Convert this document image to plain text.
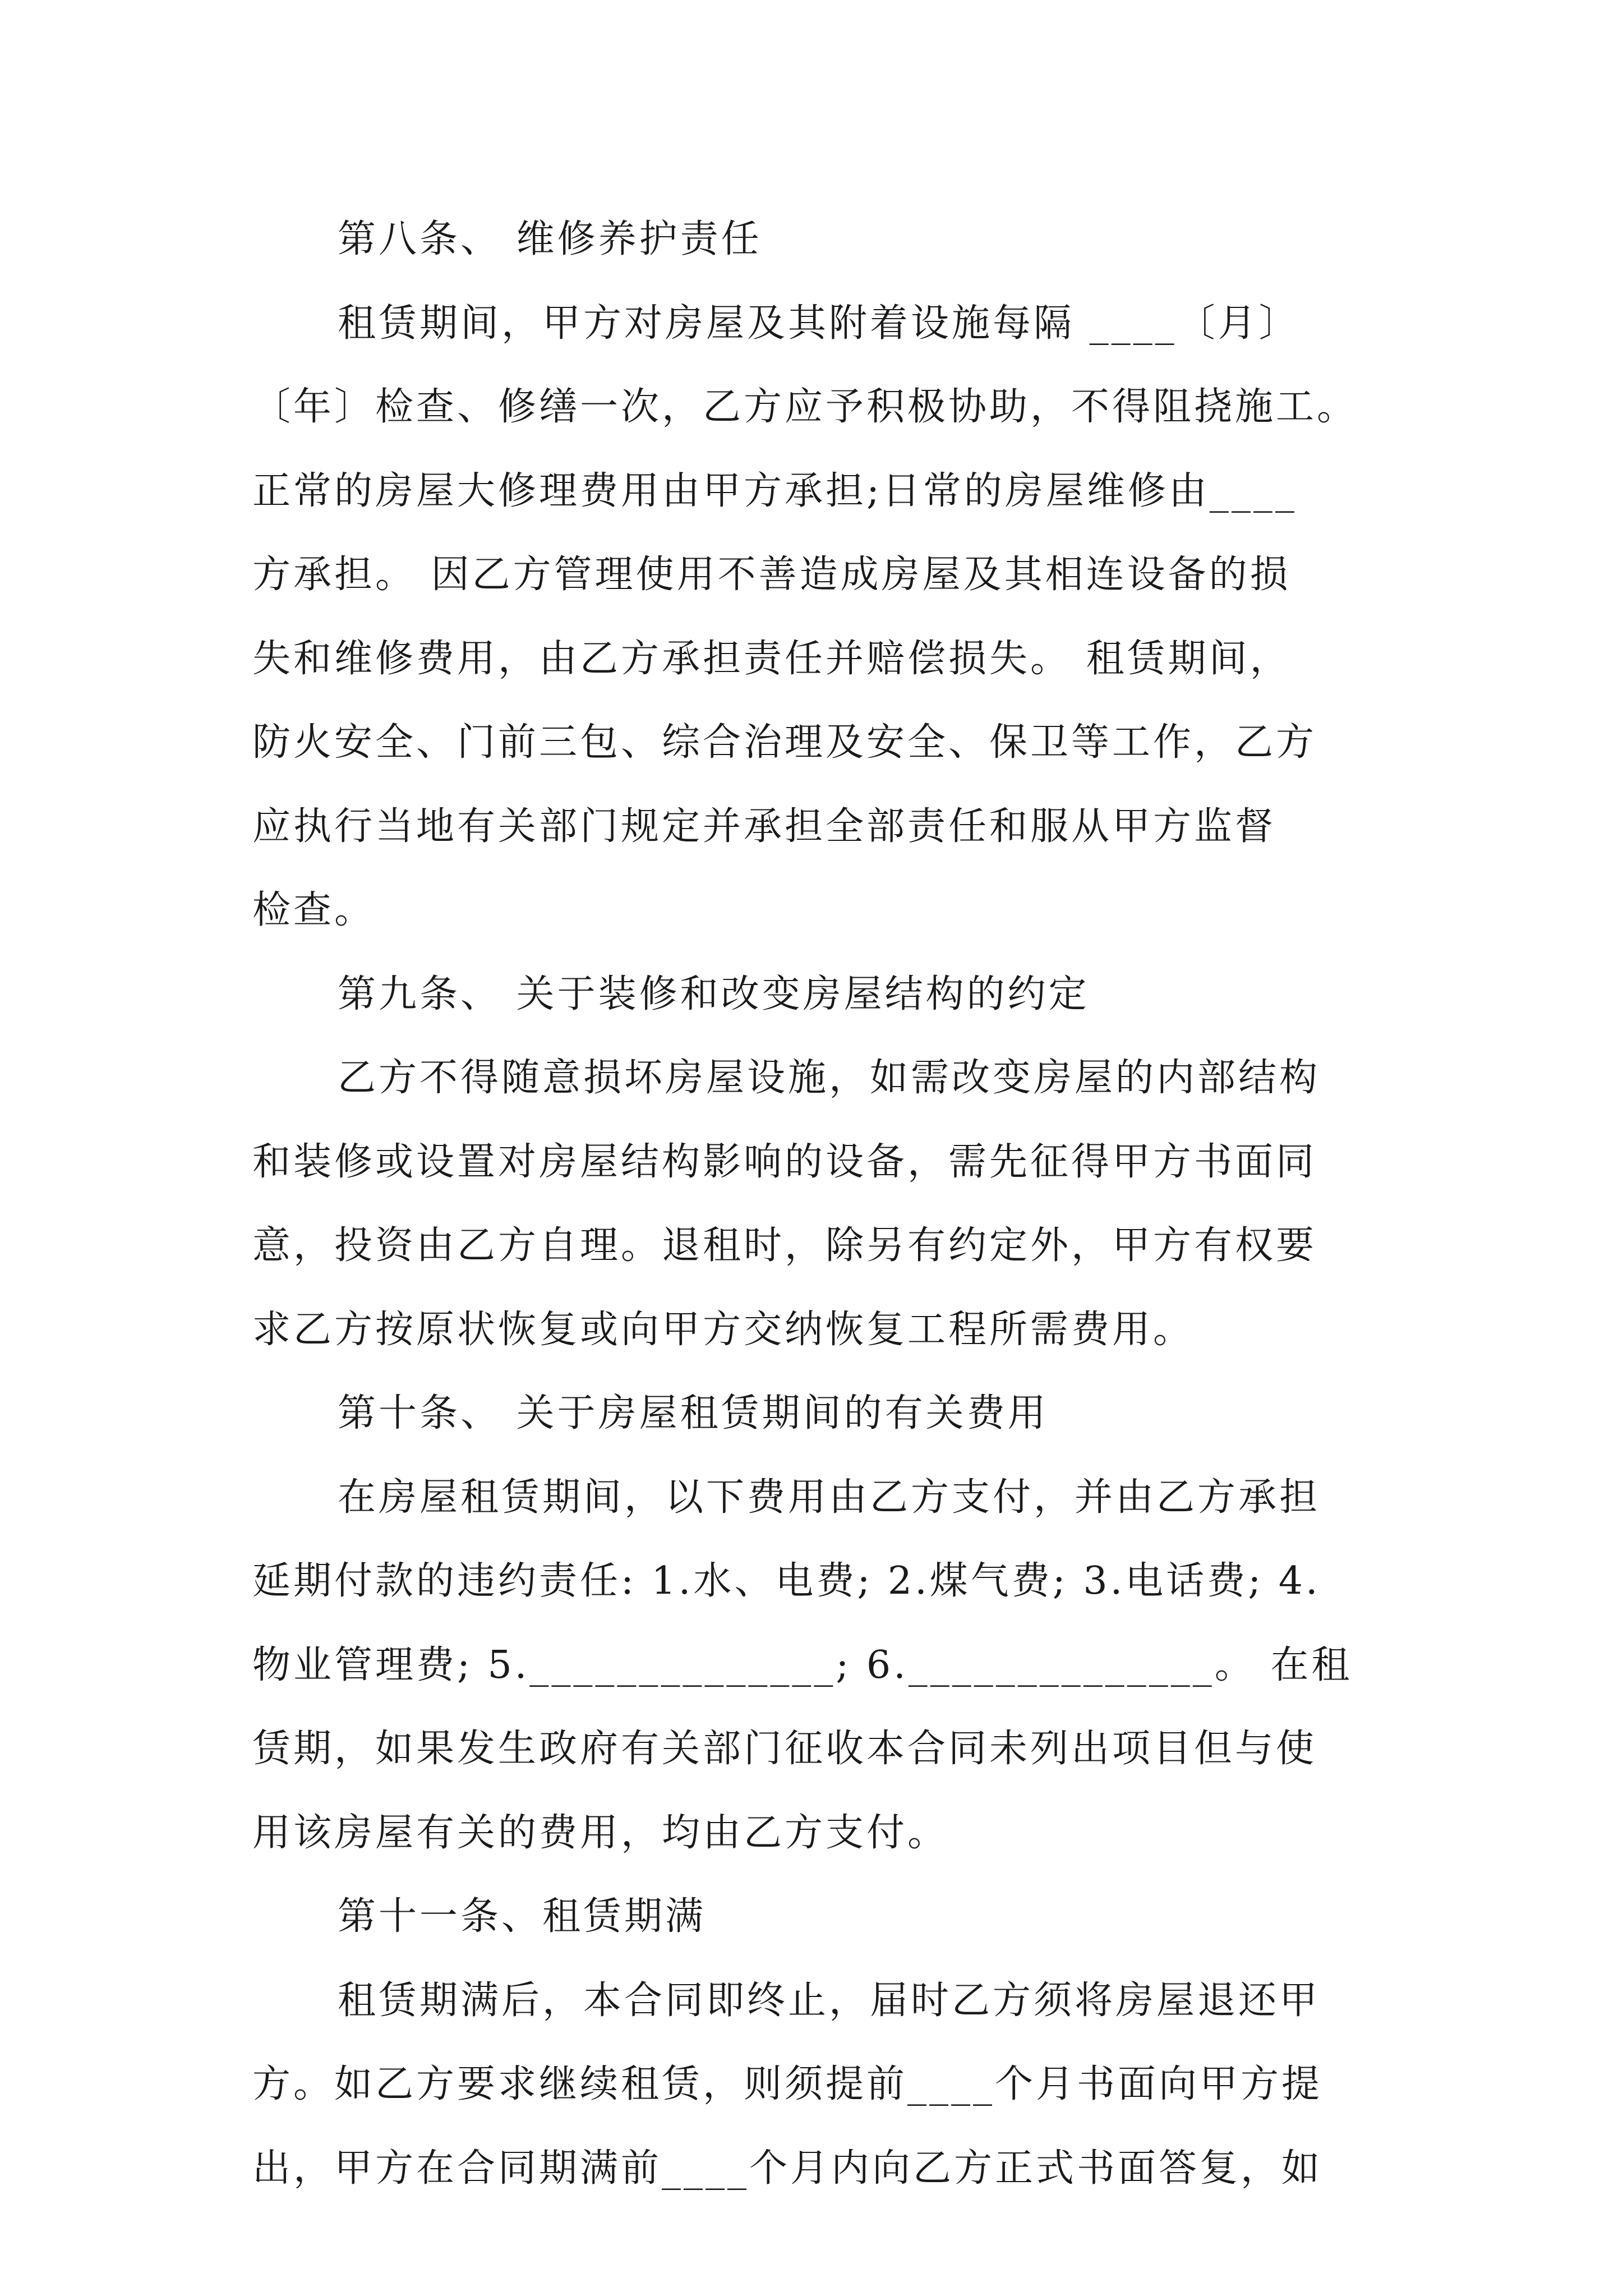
第八条、 维修养护责任
租赁期间，甲方对房屋及其附着设施每隔 ____〔月〕
〔年〕检查、修缮一次，乙方应予积极协助，不得阻挠施工。
正常的房屋大修理费用由甲方承担;日常的房屋维修由____
方承担。 因乙方管理使用不善造成房屋及其相连设备的损
失和维修费用，由乙方承担责任并赔偿损失。 租赁期间，
防火安全、门前三包、综合治理及安全、保卫等工作，乙方
应执行当地有关部门规定并承担全部责任和服从甲方监督
检查。
第九条、 关于装修和改变房屋结构的约定
乙方不得随意损坏房屋设施，如需改变房屋的内部结构
和装修或设置对房屋结构影响的设备，需先征得甲方书面同
意，投资由乙方自理。退租时，除另有约定外，甲方有权要
求乙方按原状恢复或向甲方交纳恢复工程所需费用。
第十条、 关于房屋租赁期间的有关费用
在房屋租赁期间，以下费用由乙方支付，并由乙方承担
延期付款的违约责任: 1.水、电费; 2.煤气费; 3.电话费; 4.
物业管理费; 5.______________; 6.______________。 在租
赁期，如果发生政府有关部门征收本合同未列出项目但与使
用该房屋有关的费用，均由乙方支付。
第十一条、租赁期满
租赁期满后，本合同即终止，届时乙方须将房屋退还甲
方。如乙方要求继续租赁，则须提前____个月书面向甲方提
出，甲方在合同期满前____个月内向乙方正式书面答复，如
